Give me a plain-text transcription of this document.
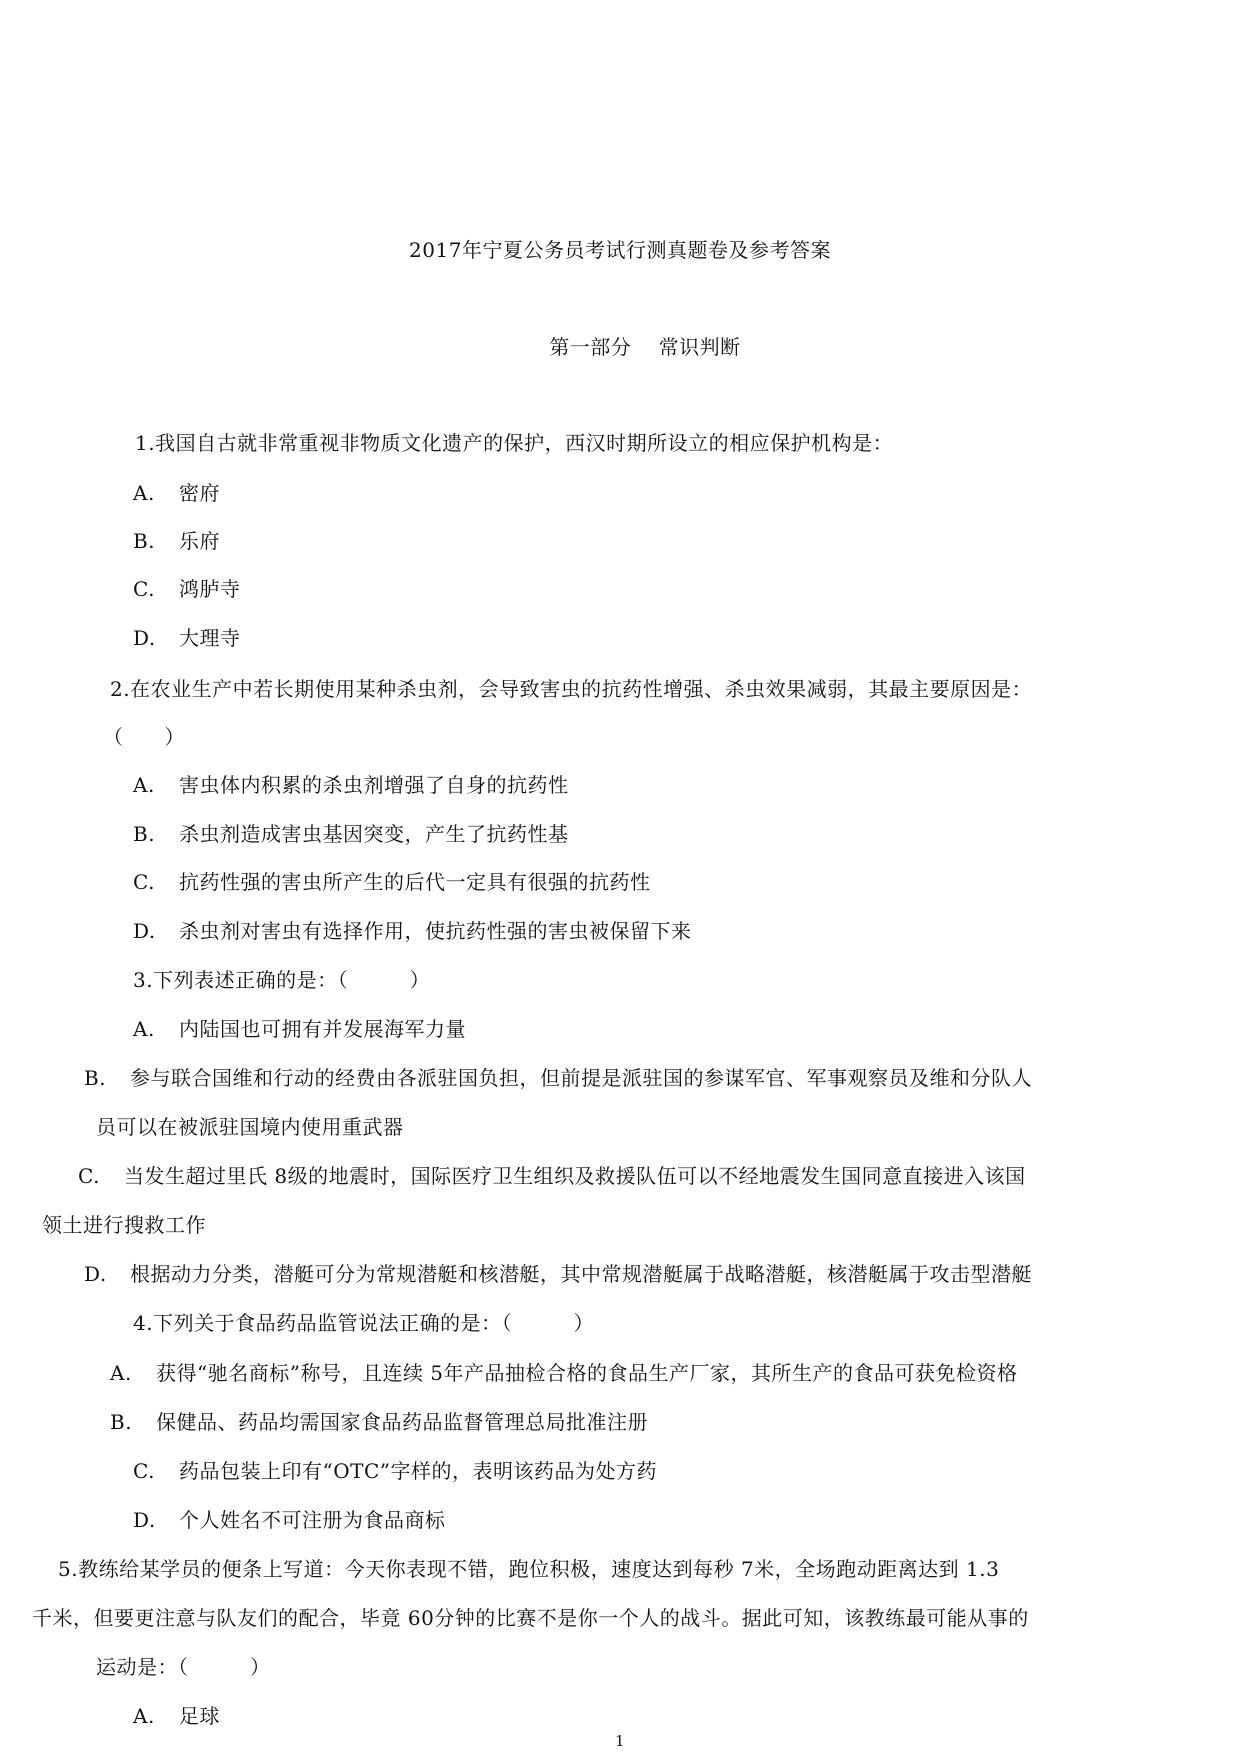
2017年宁夏公务员考试行测真题卷及参考答案
第一部分　 常识判断
1.我国自古就非常重视非物质文化遗产的保护，西汉时期所设立的相应保护机构是：
A. 密府
B. 乐府
C. 鸿胪寺
D. 大理寺
2.在农业生产中若长期使用某种杀虫剂，会导致害虫的抗药性增强、杀虫效果减弱，其最主要原因是：
（　　）
A. 害虫体内积累的杀虫剂增强了自身的抗药性
B. 杀虫剂造成害虫基因突变，产生了抗药性基
C. 抗药性强的害虫所产生的后代一定具有很强的抗药性
D. 杀虫剂对害虫有选择作用，使抗药性强的害虫被保留下来
3.下列表述正确的是：（　　　）
A. 内陆国也可拥有并发展海军力量
B. 参与联合国维和行动的经费由各派驻国负担，但前提是派驻国的参谋军官、军事观察员及维和分队人
员可以在被派驻国境内使用重武器
C. 当发生超过里氏 8级的地震时，国际医疗卫生组织及救援队伍可以不经地震发生国同意直接进入该国
领土进行搜救工作
D. 根据动力分类，潜艇可分为常规潜艇和核潜艇，其中常规潜艇属于战略潜艇，核潜艇属于攻击型潜艇
4.下列关于食品药品监管说法正确的是：（　　　）
A. 获得“驰名商标”称号，且连续 5年产品抽检合格的食品生产厂家，其所生产的食品可获免检资格
B. 保健品、药品均需国家食品药品监督管理总局批准注册
C. 药品包装上印有“OTC”字样的，表明该药品为处方药
D. 个人姓名不可注册为食品商标
5.教练给某学员的便条上写道：今天你表现不错，跑位积极，速度达到每秒 7米，全场跑动距离达到 1.3
千米，但要更注意与队友们的配合，毕竟 60分钟的比赛不是你一个人的战斗。据此可知，该教练最可能从事的
运动是：（　　　）
A. 足球
1
